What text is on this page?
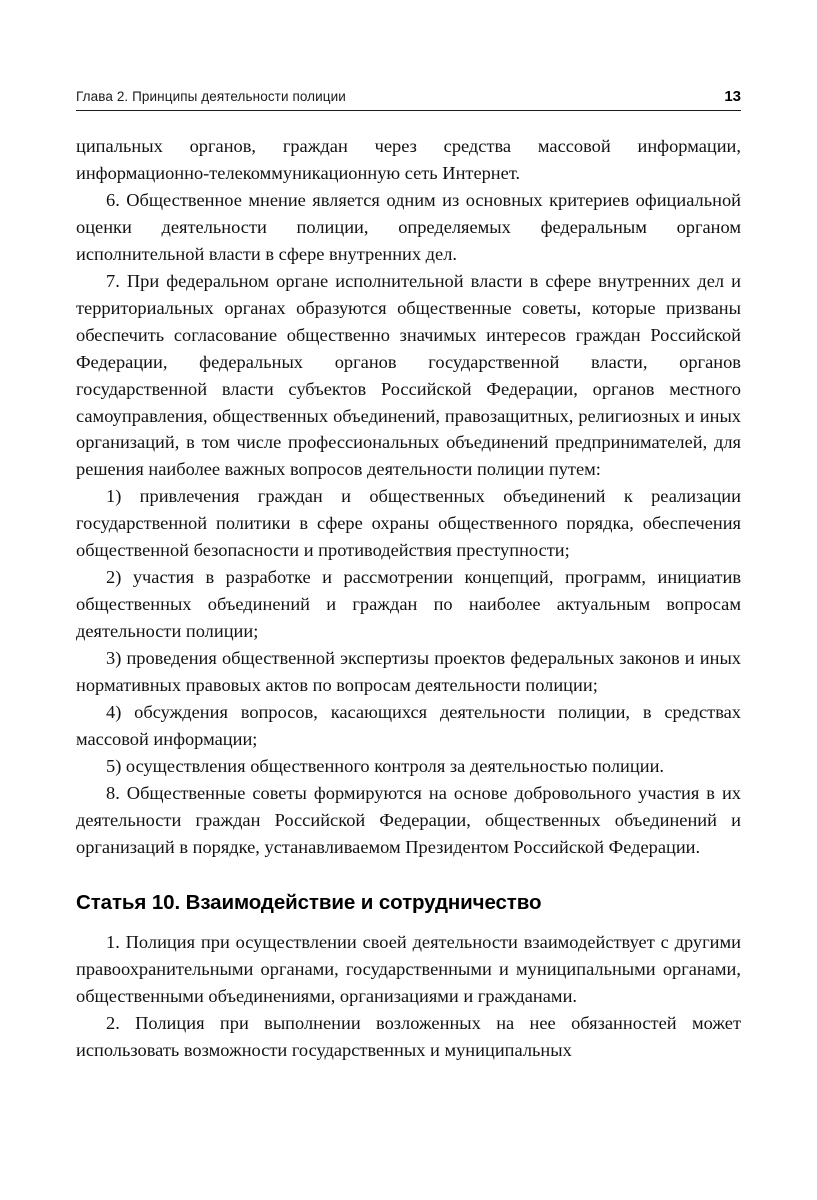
Глава 2. Принципы деятельности полиции	13

ципальных органов, граждан через средства массовой информации, информационно-телекоммуникационную сеть Интернет.

6. Общественное мнение является одним из основных критериев официальной оценки деятельности полиции, определяемых федеральным органом исполнительной власти в сфере внутренних дел.

7. При федеральном органе исполнительной власти в сфере внутренних дел и территориальных органах образуются общественные советы, которые призваны обеспечить согласование общественно значимых интересов граждан Российской Федерации, федеральных органов государственной власти, органов государственной власти субъектов Российской Федерации, органов местного самоуправления, общественных объединений, правозащитных, религиозных и иных организаций, в том числе профессиональных объединений предпринимателей, для решения наиболее важных вопросов деятельности полиции путем:

1) привлечения граждан и общественных объединений к реализации государственной политики в сфере охраны общественного порядка, обеспечения общественной безопасности и противодействия преступности;

2) участия в разработке и рассмотрении концепций, программ, инициатив общественных объединений и граждан по наиболее актуальным вопросам деятельности полиции;

3) проведения общественной экспертизы проектов федеральных законов и иных нормативных правовых актов по вопросам деятельности полиции;

4) обсуждения вопросов, касающихся деятельности полиции, в средствах массовой информации;

5) осуществления общественного контроля за деятельностью полиции.

8. Общественные советы формируются на основе добровольного участия в их деятельности граждан Российской Федерации, общественных объединений и организаций в порядке, устанавливаемом Президентом Российской Федерации.

Статья 10. Взаимодействие и сотрудничество

1. Полиция при осуществлении своей деятельности взаимодействует с другими правоохранительными органами, государственными и муниципальными органами, общественными объединениями, организациями и гражданами.

2. Полиция при выполнении возложенных на нее обязанностей может использовать возможности государственных и муниципальных
